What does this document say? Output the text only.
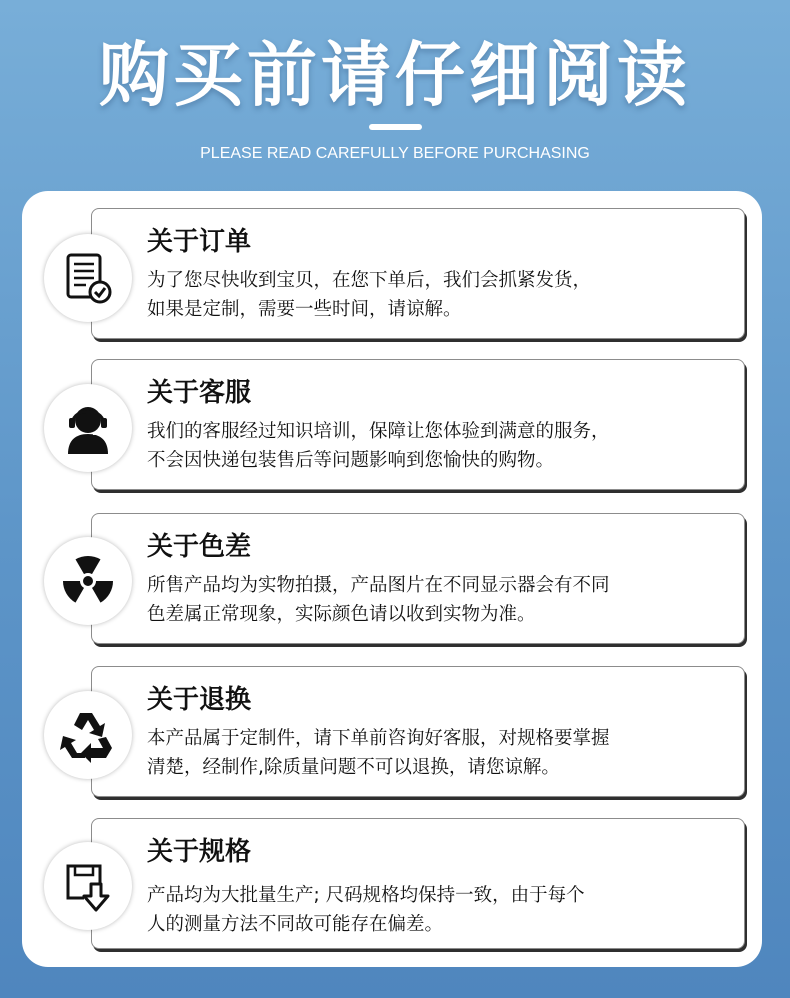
购买前请仔细阅读
PLEASE READ CAREFULLY BEFORE PURCHASING
关于订单
为了您尽快收到宝贝，在您下单后，我们会抓紧发货，
如果是定制，需要一些时间，请谅解。
关于客服
我们的客服经过知识培训，保障让您体验到满意的服务，
不会因快递包装售后等问题影响到您愉快的购物。
关于色差
所售产品均为实物拍摄，产品图片在不同显示器会有不同
色差属正常现象，实际颜色请以收到实物为准。
关于退换
本产品属于定制件，请下单前咨询好客服，对规格要掌握
清楚，经制作,除质量问题不可以退换，请您谅解。
关于规格
产品均为大批量生产; 尺码规格均保持一致，由于每个
人的测量方法不同故可能存在偏差。
